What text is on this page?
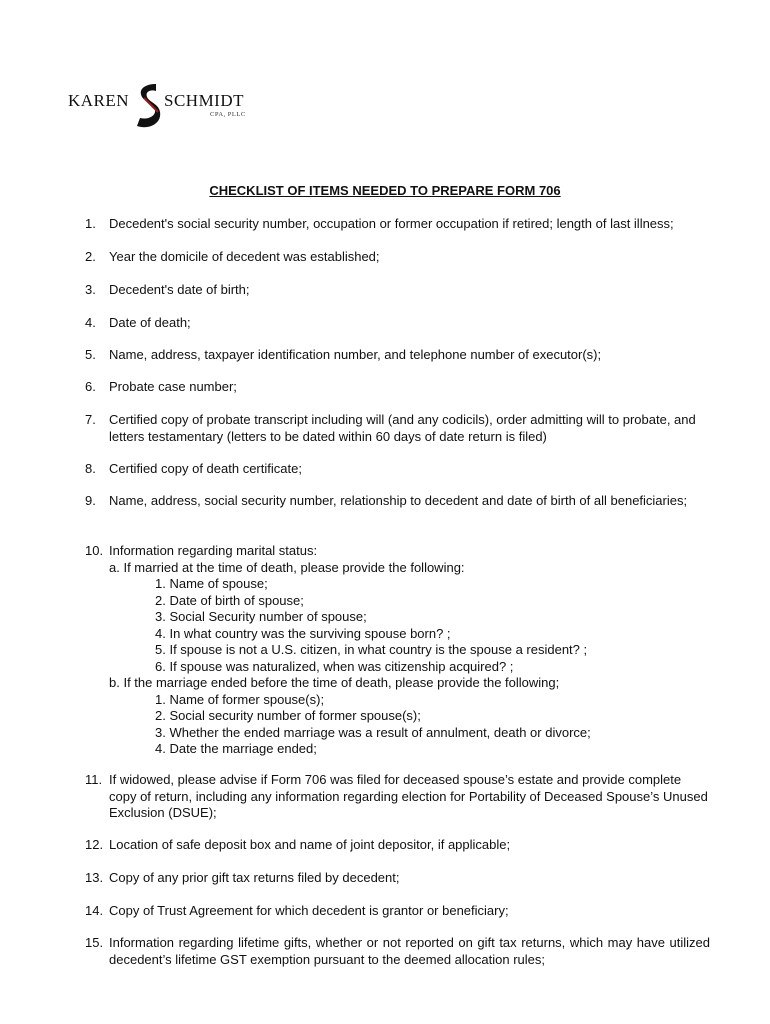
KAREN SCHMIDT
CPA, PLLC
CHECKLIST OF ITEMS NEEDED TO PREPARE FORM 706
1. Decedent's social security number, occupation or former occupation if retired; length of last illness;
2. Year the domicile of decedent was established;
3. Decedent's date of birth;
4. Date of death;
5. Name, address, taxpayer identification number, and telephone number of executor(s);
6. Probate case number;
7. Certified copy of probate transcript including will (and any codicils), order admitting will to probate, and letters testamentary (letters to be dated within 60 days of date return is filed)
8. Certified copy of death certificate;
9. Name, address, social security number, relationship to decedent and date of birth of all beneficiaries;
10. Information regarding marital status:
a. If married at the time of death, please provide the following:
1. Name of spouse;
2. Date of birth of spouse;
3. Social Security number of spouse;
4. In what country was the surviving spouse born? ;
5. If spouse is not a U.S. citizen, in what country is the spouse a resident? ;
6. If spouse was naturalized, when was citizenship acquired? ;
b. If the marriage ended before the time of death, please provide the following;
1. Name of former spouse(s);
2. Social security number of former spouse(s);
3. Whether the ended marriage was a result of annulment, death or divorce;
4. Date the marriage ended;
11. If widowed, please advise if Form 706 was filed for deceased spouse’s estate and provide complete copy of return, including any information regarding election for Portability of Deceased Spouse’s Unused Exclusion (DSUE);
12. Location of safe deposit box and name of joint depositor, if applicable;
13. Copy of any prior gift tax returns filed by decedent;
14. Copy of Trust Agreement for which decedent is grantor or beneficiary;
15. Information regarding lifetime gifts, whether or not reported on gift tax returns, which may have utilized decedent’s lifetime GST exemption pursuant to the deemed allocation rules;
